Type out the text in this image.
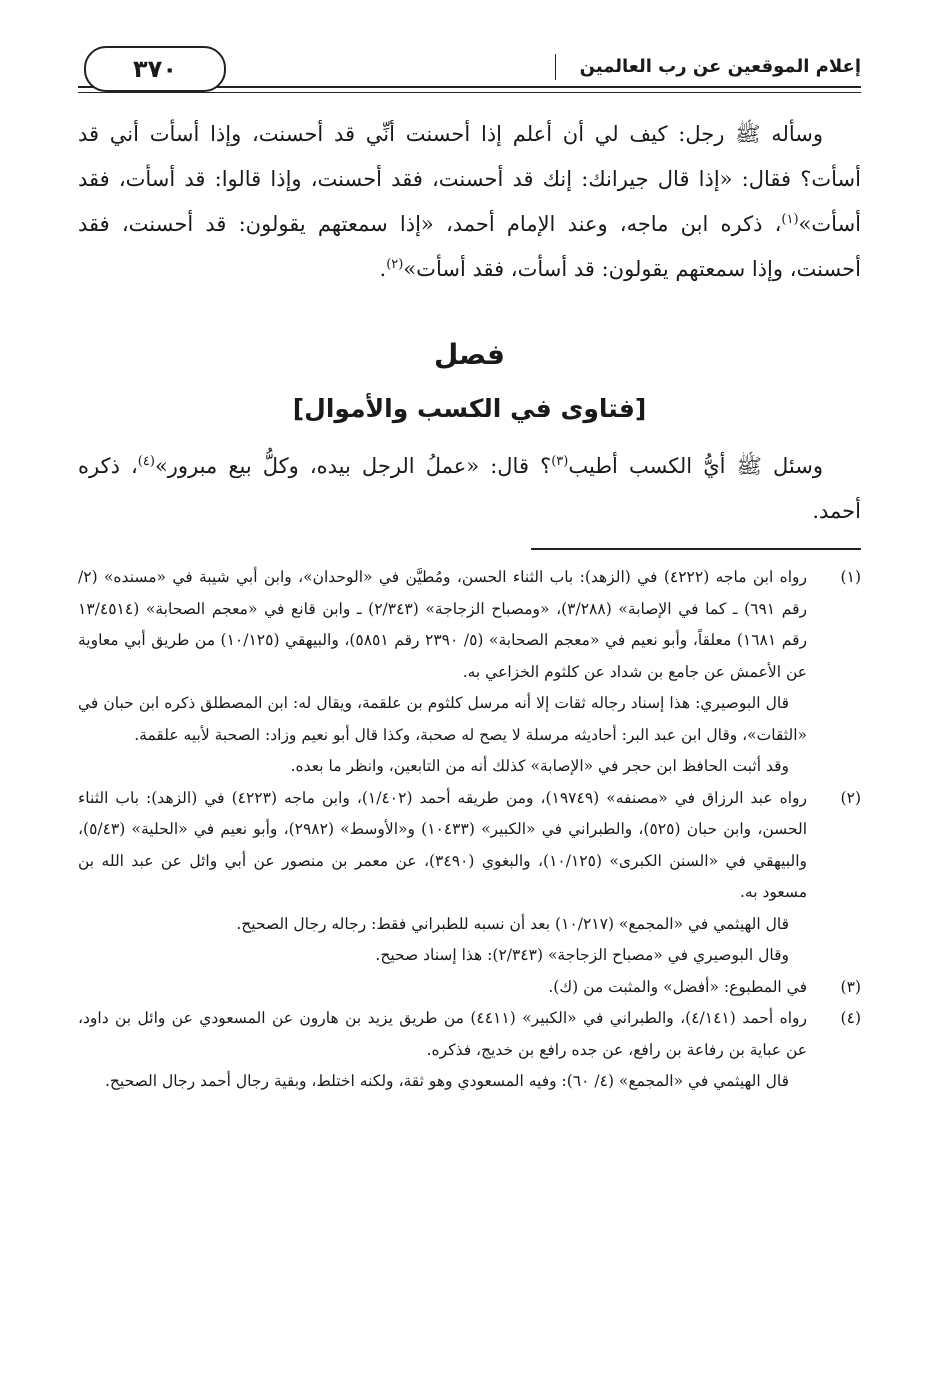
إعلام الموقعين عن رب العالمين
٣٧٠

وسأله ﷺ رجل: كيف لي أن أعلم إذا أحسنت أنِّي قد أحسنت، وإذا أسأت أني قد أسأت؟ فقال: «إذا قال جيرانك: إنك قد أحسنت، فقد أحسنت، وإذا قالوا: قد أسأت، فقد أسأت»$^{(١)}$، ذكره ابن ماجه، وعند الإمام أحمد، «إذا سمعتهم يقولون: قد أحسنت، فقد أحسنت، وإذا سمعتهم يقولون: قد أسأت، فقد أسأت»$^{(٢)}$.

فصل
[فتاوى في الكسب والأموال]

وسئل ﷺ أيُّ الكسب أطيب$^{(٣)}$؟ قال: «عملُ الرجل بيده، وكلُّ بيع مبرور»$^{(٤)}$، ذكره أحمد.

(١)

رواه ابن ماجه (٤٢٢٢) في (الزهد): باب الثناء الحسن، ومُطيَّن في «الوحدان»، وابن أبي شيبة في «مسنده» (٢/رقم ٦٩١) ـ كما في الإصابة» (٣/٢٨٨)، «ومصباح الزجاجة» (٢/٣٤٣) ـ وابن قانع في «معجم الصحابة» (١٣/٤٥١٤ رقم ١٦٨١) معلقاً، وأبو نعيم في «معجم الصحابة» (٥/ ٢٣٩٠ رقم ٥٨٥١)، والبيهقي (١٠/١٢٥) من طريق أبي معاوية عن الأعمش عن جامع بن شداد عن كلثوم الخزاعي به.

قال البوصيري: هذا إسناد رجاله ثقات إلا أنه مرسل كلثوم بن علقمة، ويقال له: ابن المصطلق ذكره ابن حبان في «الثقات»، وقال ابن عبد البر: أحاديثه مرسلة لا يصح له صحبة، وكذا قال أبو نعيم وزاد: الصحبة لأبيه علقمة.

وقد أثبت الحافظ ابن حجر في «الإصابة» كذلك أنه من التابعين، وانظر ما بعده.

(٢)

رواه عبد الرزاق في «مصنفه» (١٩٧٤٩)، ومن طريقه أحمد (١/٤٠٢)، وابن ماجه (٤٢٢٣) في (الزهد): باب الثناء الحسن، وابن حبان (٥٢٥)، والطبراني في «الكبير» (١٠٤٣٣) و«الأوسط» (٢٩٨٢)، وأبو نعيم في «الحلية» (٥/٤٣)، والبيهقي في «السنن الكبرى» (١٠/١٢٥)، والبغوي (٣٤٩٠)، عن معمر بن منصور عن أبي وائل عن عبد الله بن مسعود به.

قال الهيثمي في «المجمع» (١٠/٢١٧) بعد أن نسبه للطبراني فقط: رجاله رجال الصحيح.

وقال البوصيري في «مصباح الزجاجة» (٢/٣٤٣): هذا إسناد صحيح.

(٣)

في المطبوع: «أفضل» والمثبت من (ك).

(٤)

رواه أحمد (٤/١٤١)، والطبراني في «الكبير» (٤٤١١) من طريق يزيد بن هارون عن المسعودي عن وائل بن داود، عن عباية بن رفاعة بن رافع، عن جده رافع بن خديج، فذكره.

قال الهيثمي في «المجمع» (٤/ ٦٠): وفيه المسعودي وهو ثقة، ولكنه اختلط، وبقية رجال أحمد رجال الصحيح.
